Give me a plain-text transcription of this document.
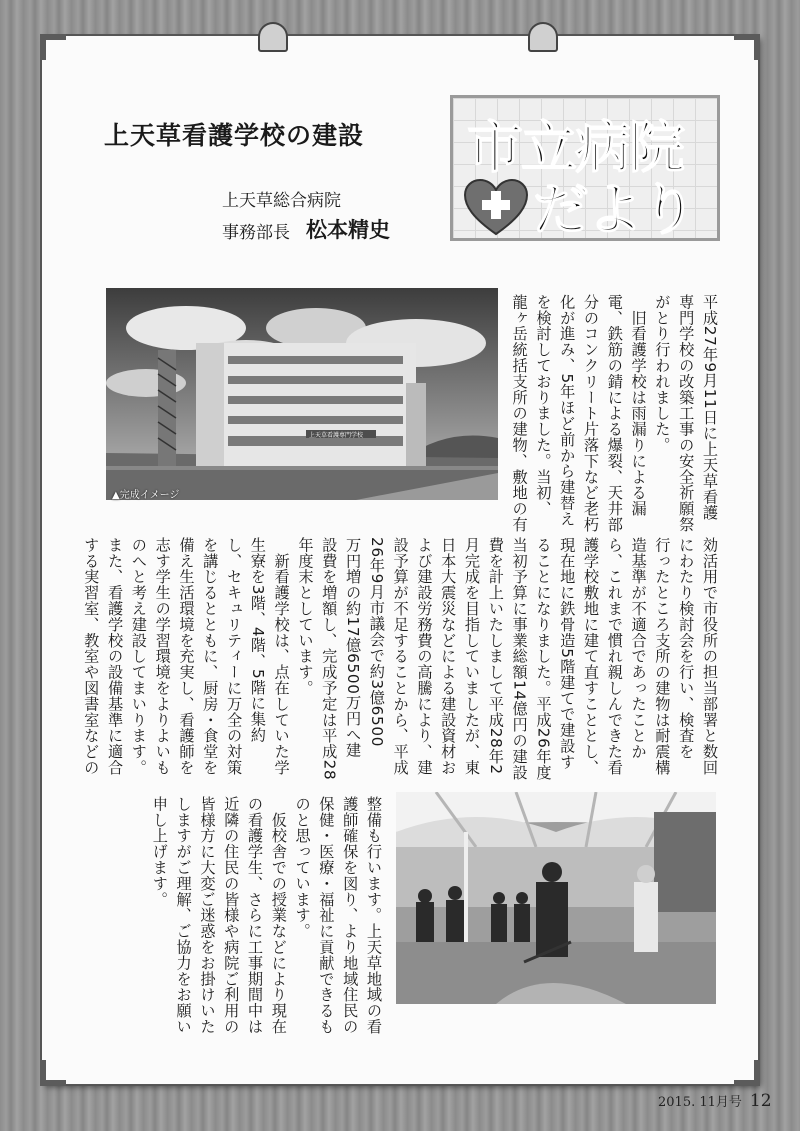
上天草看護学校の建設
上天草総合病院
事務部長 松本精史
市立病院
だより
上天草看護専門学校
▲完成イメージ	平成27年9月11日に上天草看護
専門学校の改築工事の安全祈願祭
がとり行われました。
　旧看護学校は雨漏りによる漏
電、鉄筋の錆による爆裂、天井部
分のコンクリート片落下など老朽
化が進み、5年ほど前から建替え
を検討しておりました。当初、
龍ヶ岳統括支所の建物、敷地の有
効活用で市役所の担当部署と数回
にわたり検討会を行い、検査を
行ったところ支所の建物は耐震構
造基準が不適合であったことか
ら、これまで慣れ親しんできた看
護学校敷地に建て直すこととし、
現在地に鉄骨造5階建てで建設す
ることになりました。平成26年度
当初予算に事業総額14億円の建設
費を計上いたしまして平成28年2
月完成を目指していましたが、東
日本大震災などによる建設資材お
よび建設労務費の高騰により、建
設予算が不足することから、平成
26年9月市議会で約3億6500
万円増の約17億6500万円へ建
設費を増額し、完成予定は平成28
年度末としています。
　新看護学校は、点在していた学
生寮を3階、4階、5階に集約
し、セキュリティーに万全の対策
を講じるとともに、厨房・食堂を
備え生活環境を充実し、看護師を
志す学生の学習環境をよりよいも
のへと考え建設してまいります。
また、看護学校の設備基準に適合
する実習室、教室や図書室などの
整備も行います。上天草地域の看
護師確保を図り、より地域住民の
保健・医療・福祉に貢献できるも
のと思っています。
　仮校舎での授業などにより現在
の看護学生、さらに工事期間中は
近隣の住民の皆様や病院ご利用の
皆様方に大変ご迷惑をお掛けいた
しますがご理解、ご協力をお願い
申し上げます。
2015. 11月号 12
